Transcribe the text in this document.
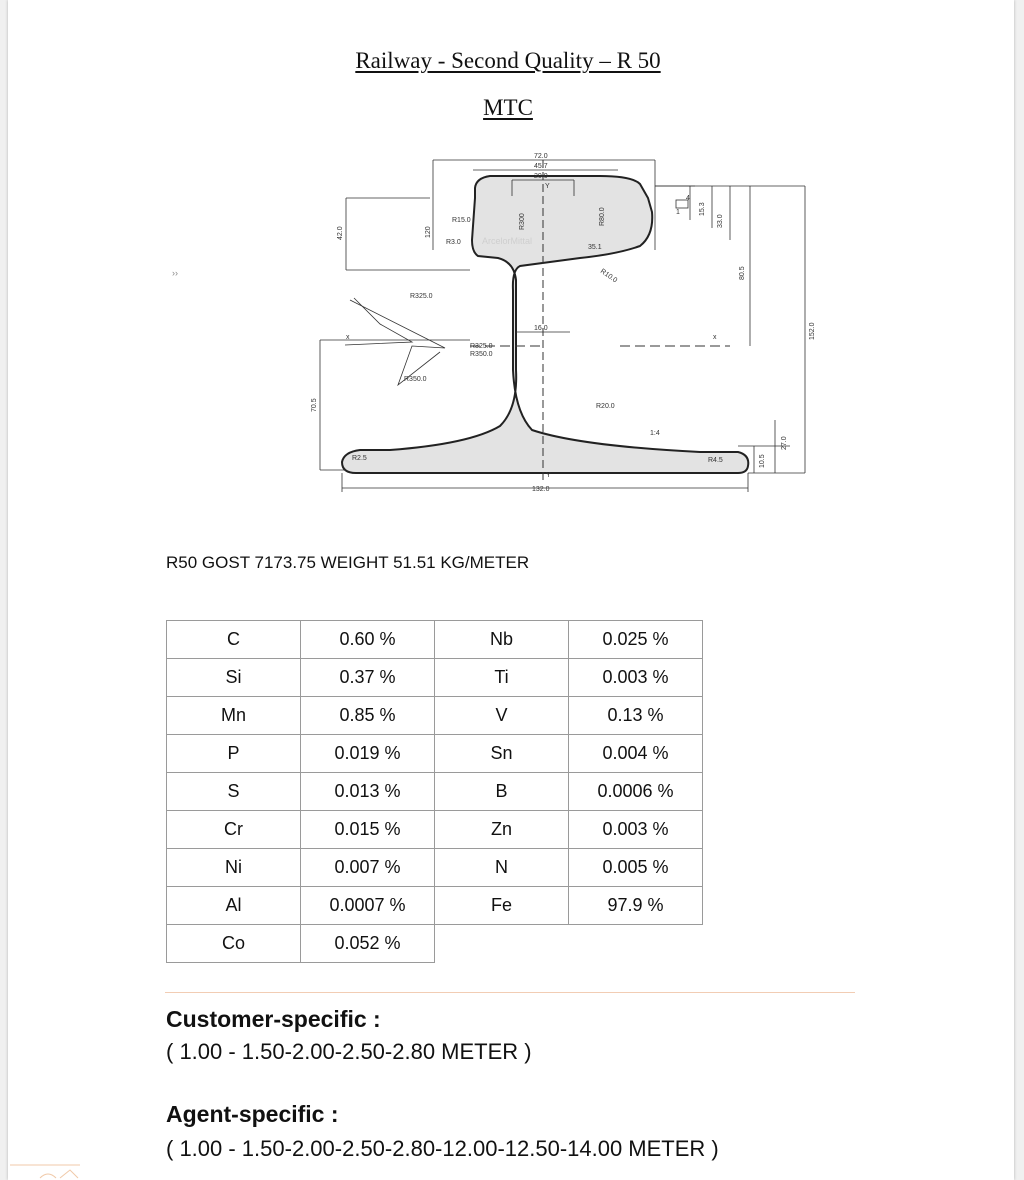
Railway - Second Quality – R 50
MTC
››
72.0
45.7
20.0
Y
42.0
R15.0
R3.0
120
R300	R80.0
35.1
R10.0
R325.0
16.0
R325.0
R350.0
R350.0
R20.0
1:4
R2.5	R4.5
132.0
Y
70.5
10.5
27.0
15.3
33.0
80.5
152.0
x	x
4
1
ArcelorMittal
R50 GOST 7173.75 WEIGHT 51.51 KG/METER
C	0.60 %	Nb	0.025 %
Si	0.37 %	Ti	0.003 %
Mn	0.85 %	V	0.13 %
P	0.019 %	Sn	0.004 %
S	0.013 %	B	0.0006 %
Cr	0.015 %	Zn	0.003 %
Ni	0.007 %	N	0.005 %
Al	0.0007 %	Fe	97.9 %
Co	0.052 %		
Customer-specific :
( 1.00 - 1.50-2.00-2.50-2.80 METER )
Agent-specific :
( 1.00 - 1.50-2.00-2.50-2.80-12.00-12.50-14.00 METER )
